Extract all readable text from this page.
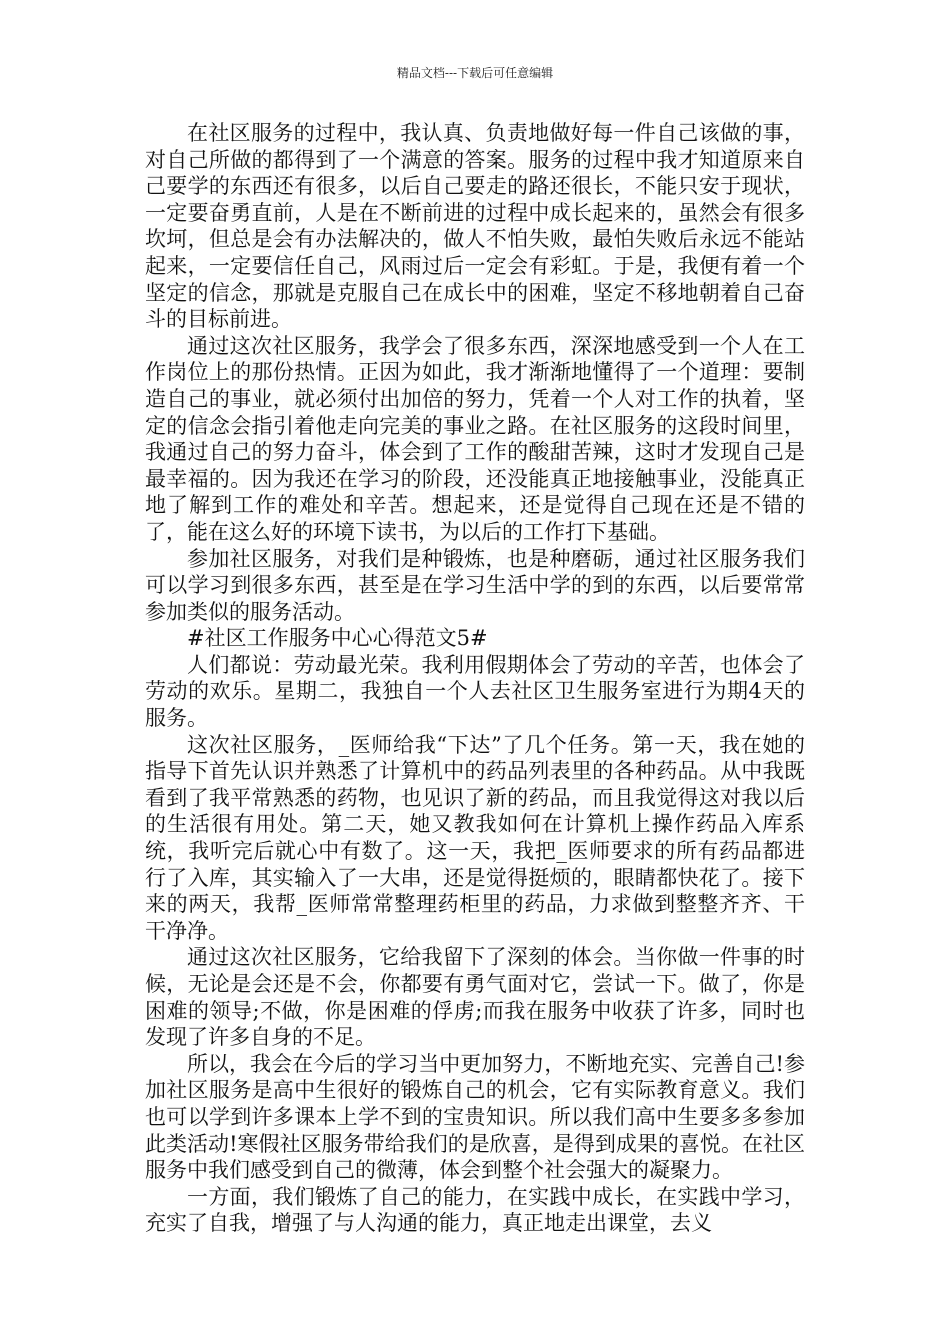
精品文档---下载后可任意编辑

在社区服务的过程中，我认真、负责地做好每一件自己该做的事，对自己所做的都得到了一个满意的答案。服务的过程中我才知道原来自己要学的东西还有很多，以后自己要走的路还很长，不能只安于现状，一定要奋勇直前，人是在不断前进的过程中成长起来的，虽然会有很多坎坷，但总是会有办法解决的，做人不怕失败，最怕失败后永远不能站起来，一定要信任自己，风雨过后一定会有彩虹。于是，我便有着一个坚定的信念，那就是克服自己在成长中的困难，坚定不移地朝着自己奋斗的目标前进。

通过这次社区服务，我学会了很多东西，深深地感受到一个人在工作岗位上的那份热情。正因为如此，我才渐渐地懂得了一个道理：要制造自己的事业，就必须付出加倍的努力，凭着一个人对工作的执着，坚定的信念会指引着他走向完美的事业之路。在社区服务的这段时间里，我通过自己的努力奋斗，体会到了工作的酸甜苦辣，这时才发现自己是最幸福的。因为我还在学习的阶段，还没能真正地接触事业，没能真正地了解到工作的难处和辛苦。想起来，还是觉得自己现在还是不错的了，能在这么好的环境下读书，为以后的工作打下基础。

参加社区服务，对我们是种锻炼，也是种磨砺，通过社区服务我们可以学习到很多东西，甚至是在学习生活中学的到的东西，以后要常常参加类似的服务活动。

#社区工作服务中心心得范文5#

人们都说：劳动最光荣。我利用假期体会了劳动的辛苦，也体会了劳动的欢乐。星期二，我独自一个人去社区卫生服务室进行为期4天的服务。

这次社区服务，_医师给我“下达”了几个任务。第一天，我在她的指导下首先认识并熟悉了计算机中的药品列表里的各种药品。从中我既看到了我平常熟悉的药物，也见识了新的药品，而且我觉得这对我以后的生活很有用处。第二天，她又教我如何在计算机上操作药品入库系统，我听完后就心中有数了。这一天，我把_医师要求的所有药品都进行了入库，其实输入了一大串，还是觉得挺烦的，眼睛都快花了。接下来的两天，我帮_医师常常整理药柜里的药品，力求做到整整齐齐、干干净净。

通过这次社区服务，它给我留下了深刻的体会。当你做一件事的时候，无论是会还是不会，你都要有勇气面对它，尝试一下。做了，你是困难的领导;不做，你是困难的俘虏;而我在服务中收获了许多，同时也发现了许多自身的不足。

所以，我会在今后的学习当中更加努力，不断地充实、完善自己!参加社区服务是高中生很好的锻炼自己的机会，它有实际教育意义。我们也可以学到许多课本上学不到的宝贵知识。所以我们高中生要多多参加此类活动!寒假社区服务带给我们的是欣喜，是得到成果的喜悦。在社区服务中我们感受到自己的微薄，体会到整个社会强大的凝聚力。

一方面，我们锻炼了自己的能力，在实践中成长，在实践中学习，充实了自我，增强了与人沟通的能力，真正地走出课堂，去义
